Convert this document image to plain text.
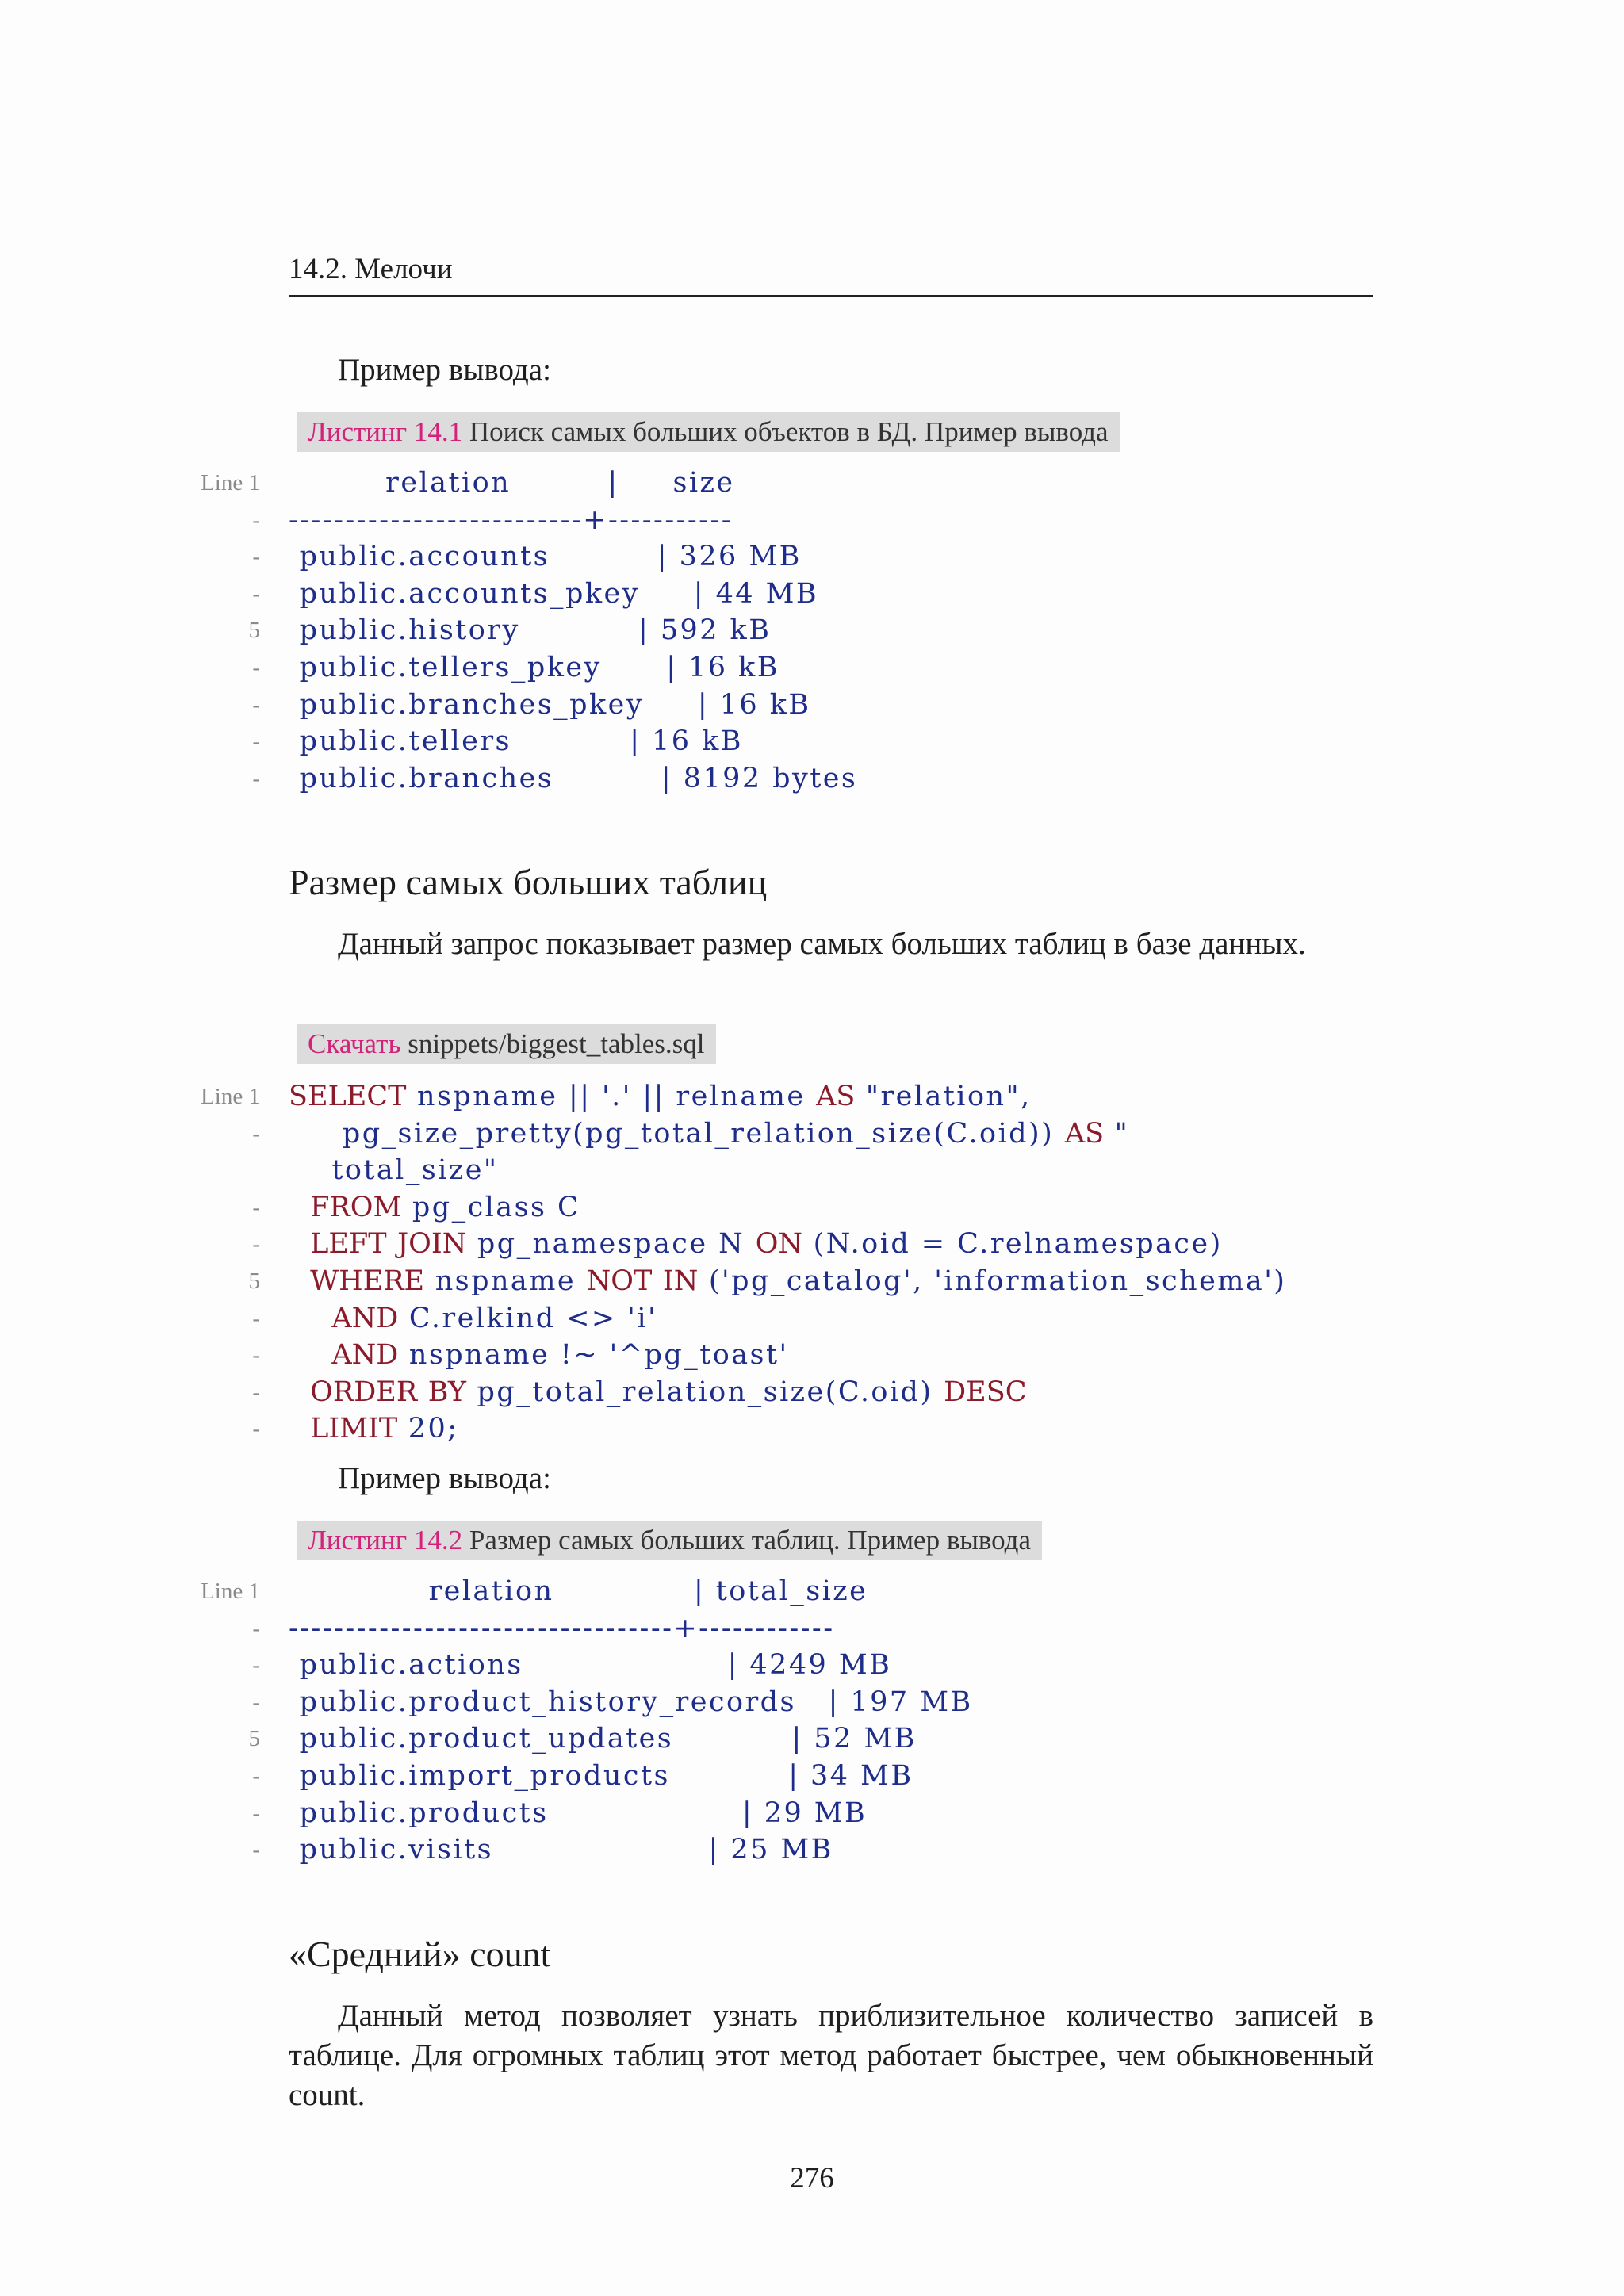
14.2. Мелочи
Пример вывода:
Листинг 14.1 Поиск самых больших объектов в БД. Пример вывода
Line 1 relation         |     size
- --------------------------+-----------
- public.accounts          | 326 MB
- public.accounts_pkey     | 44 MB
5 public.history           | 592 kB
- public.tellers_pkey      | 16 kB
- public.branches_pkey     | 16 kB
- public.tellers           | 16 kB
- public.branches          | 8192 bytes
Размер самых больших таблиц
Данный запрос показывает размер самых больших таблиц в базе данных.
Скачать snippets/biggest_tables.sql
Line 1 SELECT nspname || '.' || relname AS "relation",
-	pg_size_pretty(pg_total_relation_size(C.oid)) AS "
total_size"
-	FROM pg_class C
-	LEFT JOIN pg_namespace N ON (N.oid = C.relnamespace)
5	WHERE nspname NOT IN ('pg_catalog', 'information_schema')
-	AND C.relkind <> 'i'
-	AND nspname !~ '^pg_toast'
-	ORDER BY pg_total_relation_size(C.oid) DESC
-	LIMIT 20;
Пример вывода:
Листинг 14.2 Размер самых больших таблиц. Пример вывода
Line 1 relation             | total_size
- ----------------------------------+------------
- public.actions                   | 4249 MB
- public.product_history_records   | 197 MB
5 public.product_updates           | 52 MB
- public.import_products           | 34 MB
- public.products                  | 29 MB
- public.visits                    | 25 MB
«Средний» count
Данный метод позволяет узнать приблизительное количество записей в таблице. Для огромных таблиц этот метод работает быстрее, чем обыкновенный count.
276
